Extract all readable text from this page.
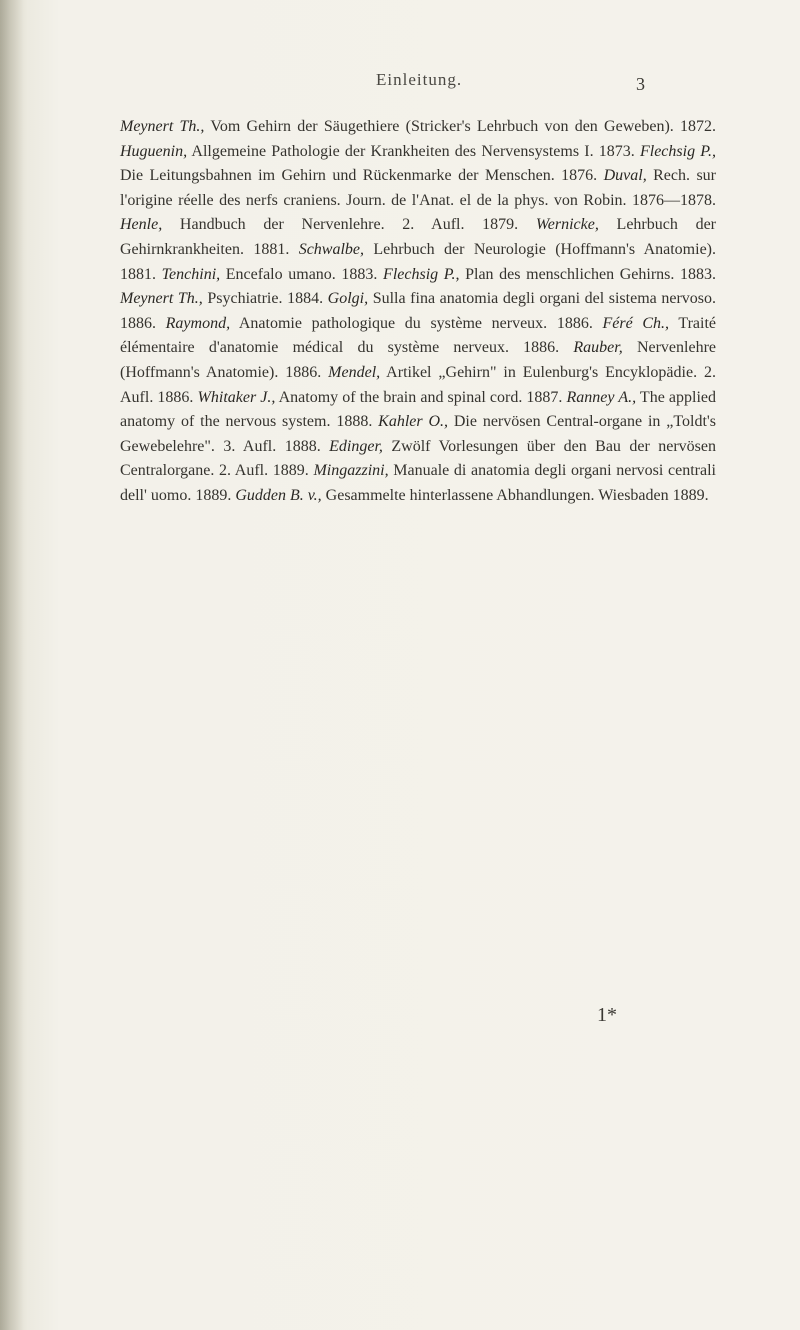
Einleitung.	3

Meynert Th., Vom Gehirn der Säugethiere (Stricker's Lehrbuch von den Geweben). 1872. Huguenin, Allgemeine Pathologie der Krankheiten des Nervensystems I. 1873. Flechsig P., Die Leitungsbahnen im Gehirn und Rückenmarke der Menschen. 1876. Duval, Rech. sur l'origine réelle des nerfs craniens. Journ. de l'Anat. el de la phys. von Robin. 1876—1878. Henle, Handbuch der Nervenlehre. 2. Aufl. 1879. Wernicke, Lehrbuch der Gehirnkrankheiten. 1881. Schwalbe, Lehrbuch der Neurologie (Hoffmann's Anatomie). 1881. Tenchini, Encefalo umano. 1883. Flechsig P., Plan des menschlichen Gehirns. 1883. Meynert Th., Psychiatrie. 1884. Golgi, Sulla fina anatomia degli organi del sistema nervoso. 1886. Raymond, Anatomie pathologique du système nerveux. 1886. Féré Ch., Traité élémentaire d'anatomie médical du système nerveux. 1886. Rauber, Nervenlehre (Hoffmann's Anatomie). 1886. Mendel, Artikel „Gehirn" in Eulenburg's Encyklopädie. 2. Aufl. 1886. Whitaker J., Anatomy of the brain and spinal cord. 1887. Ranney A., The applied anatomy of the nervous system. 1888. Kahler O., Die nervösen Central-organe in „Toldt's Gewebelehre". 3. Aufl. 1888. Edinger, Zwölf Vorlesungen über den Bau der nervösen Centralorgane. 2. Aufl. 1889. Mingazzini, Manuale di anatomia degli organi nervosi centrali dell' uomo. 1889. Gudden B. v., Gesammelte hinterlassene Abhandlungen. Wiesbaden 1889.

1*
